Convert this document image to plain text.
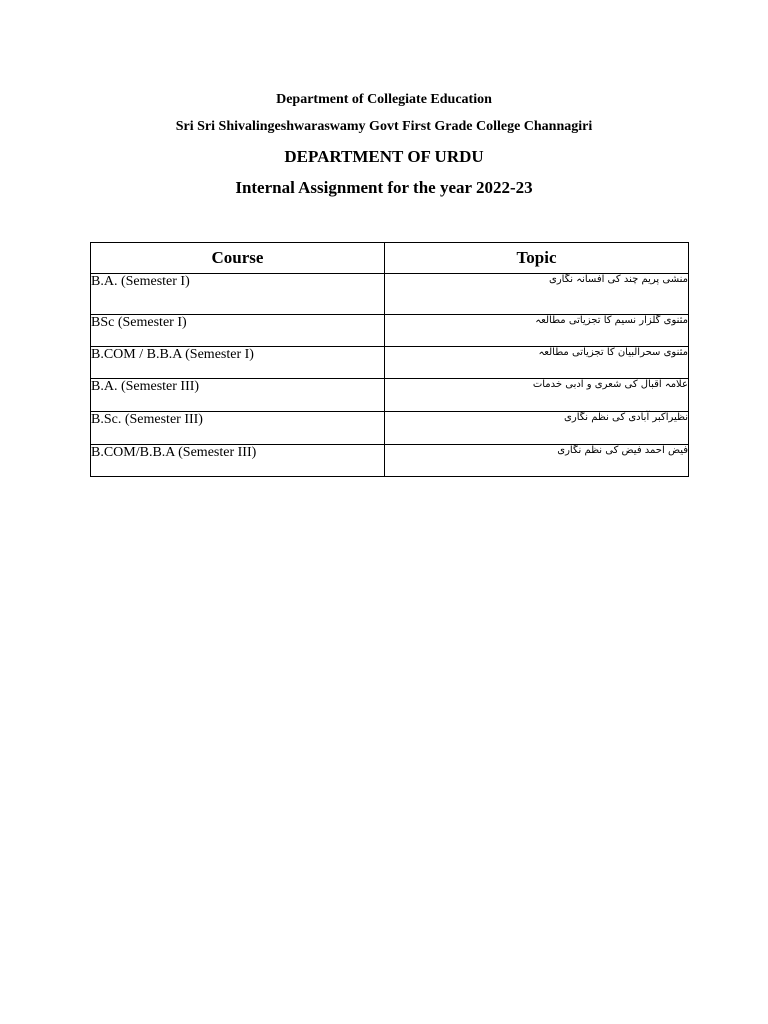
Department of Collegiate Education
Sri Sri Shivalingeshwaraswamy Govt First Grade College Channagiri
DEPARTMENT OF URDU
Internal Assignment for the year 2022-23
Course	Topic
B.A. (Semester I)	منشی پریم چند کی افسانہ نگاری
BSc (Semester I)	مثنوی گلزار نسیم کا تجزیاتی مطالعہ
B.COM / B.B.A (Semester I)	مثنوی سحرالبیان کا تجزیاتی مطالعہ
B.A. (Semester III)	علامہ اقبال کی شعری و ادبی خدمات
B.Sc. (Semester III)	نظیراکبر آبادی کی نظم نگاری
B.COM/B.B.A (Semester III)	فیض احمد فیض کی نظم نگاری
